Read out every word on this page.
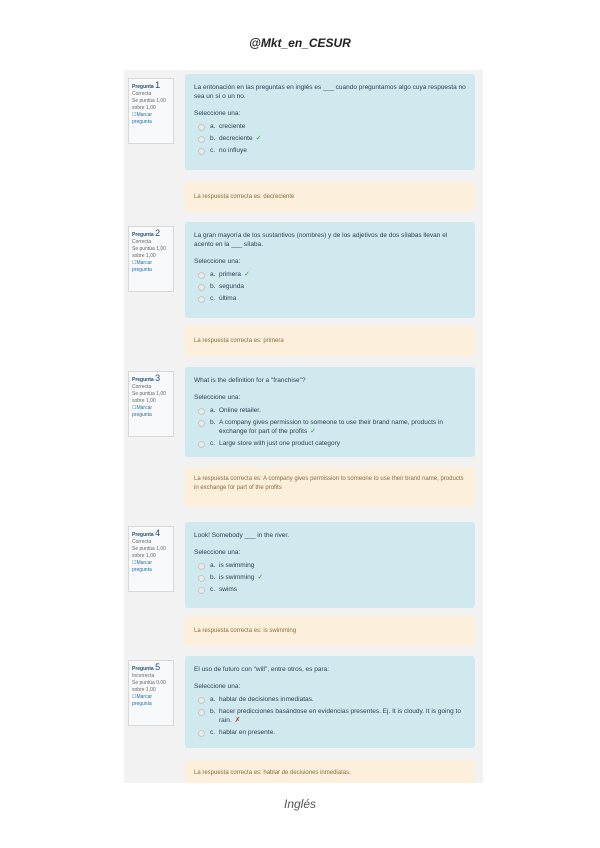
@Mkt_en_CESUR
Pregunta 1
Correcta
Se puntúa 1,00 sobre 1,00
☐Marcar pregunta
La entonación en las preguntas en inglés es ___ cuando preguntamos algo cuya respuesta no sea un sí o un no.
Seleccione una:
a. creciente
b. decreciente ✓
c. no influye
La respuesta correcta es: decreciente
Pregunta 2
Correcta
Se puntúa 1,00 sobre 1,00
☐Marcar pregunta
La gran mayoría de los sustantivos (nombres) y de los adjetivos de dos sílabas llevan el acento en la ___ sílaba.
Seleccione una:
a. primera ✓
b. segunda
c. última
La respuesta correcta es: primera
Pregunta 3
Correcta
Se puntúa 1,00 sobre 1,00
☐Marcar pregunta
What is the definition for a "franchise"?
Seleccione una:
a. Online retailer.
b. A company gives permission to someone to use their brand name, products in exchange for part of the profits ✓
c. Large store with just one product category
La respuesta correcta es: A company gives permission to someone to use their brand name, products in exchange for part of the profits
Pregunta 4
Correcta
Se puntúa 1,00 sobre 1,00
☐Marcar pregunta
Look! Somebody ___ in the river.
Seleccione una:
a. is swimming
b. is swimming ✓
c. swims
La respuesta correcta es: is swimming
Pregunta 5
Incorrecta
Se puntúa 0,00 sobre 1,00
☐Marcar pregunta
El uso de futuro con "will", entre otros, es para:
Seleccione una:
a. hablar de decisiones inmediatas.
b. hacer predicciones basándose en evidencias presentes. Ej. It is cloudy. It is going to rain. ✗
c. hablar en presente.
La respuesta correcta es: hablar de decisiones inmediatas.
Inglés
